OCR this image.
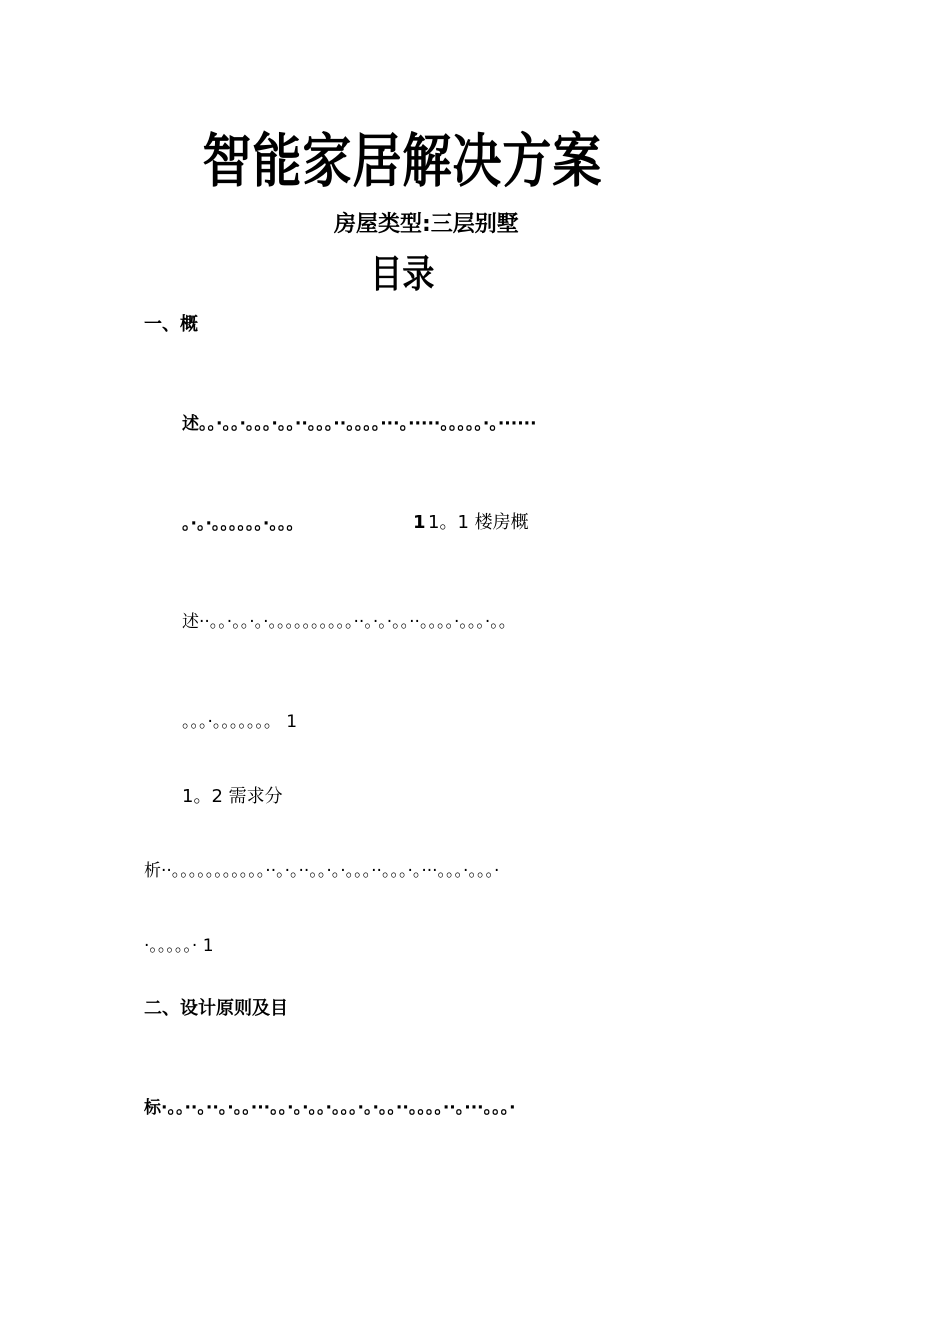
智能家居解决方案
房屋类型:三层别墅
目录
一、概
述。。·。。·。。。·。。··。。。··。。。。···。·····。。。。。·。······
。·。·。。。。。。·。。。	1 1。1 楼房概
述··。。·。。·。·。。。。。。。。。。··。·。·。。··。。。。·。。。·。。
。。。·。。。。。。。 1
1。2 需求分
析··。。。。。。。。。。。··。·。··。。·。·。。。··。。。·。···。。。·。。。·
·。。。。。· 1
二、设计原则及目
标·。。··。··。·。。···。。·。·。。·。。。·。·。。··。。。。··。···。。。·
